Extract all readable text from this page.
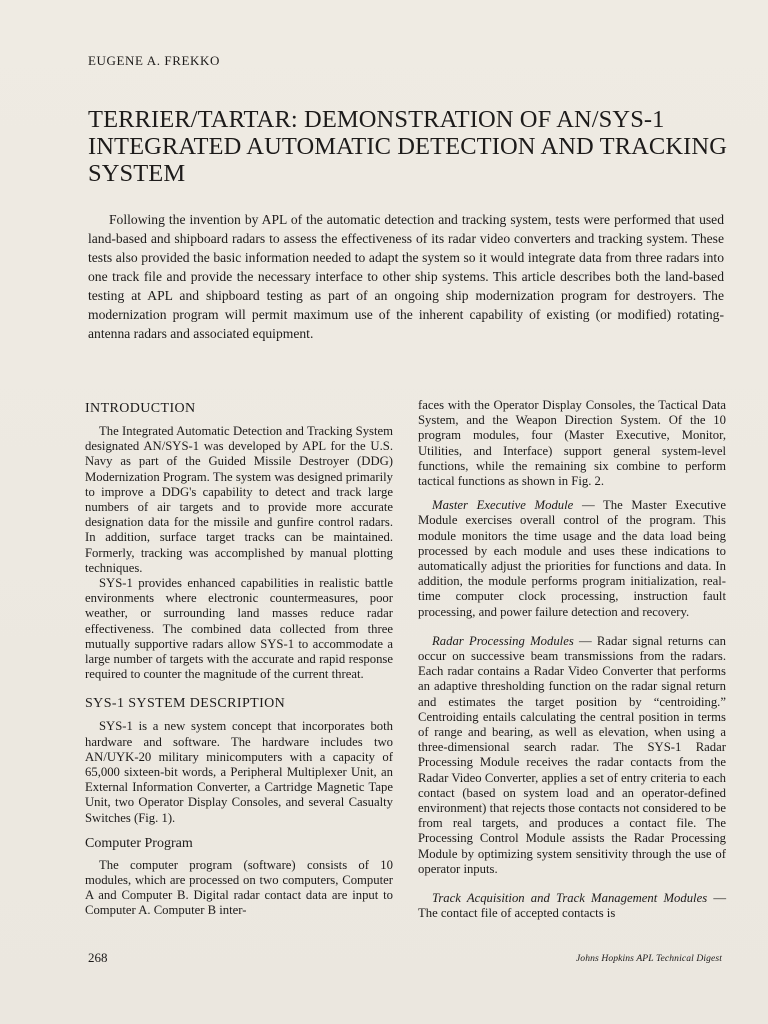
EUGENE A. FREKKO
TERRIER/TARTAR: DEMONSTRATION OF AN/SYS-1 INTEGRATED AUTOMATIC DETECTION AND TRACKING SYSTEM

Following the invention by APL of the automatic detection and tracking system, tests were performed that used land-based and shipboard radars to assess the effectiveness of its radar video converters and tracking system. These tests also provided the basic information needed to adapt the system so it would integrate data from three radars into one track file and provide the necessary interface to other ship systems. This article describes both the land-based testing at APL and shipboard testing as part of an ongoing ship modernization program for destroyers. The modernization program will permit maximum use of the inherent capability of existing (or modified) rotating-antenna radars and associated equipment.

INTRODUCTION

The Integrated Automatic Detection and Tracking System designated AN/SYS-1 was developed by APL for the U.S. Navy as part of the Guided Missile Destroyer (DDG) Modernization Program. The system was designed primarily to improve a DDG's capability to detect and track large numbers of air targets and to provide more accurate designation data for the missile and gunfire control radars. In addition, surface target tracks can be maintained. Formerly, tracking was accomplished by manual plotting techniques.

SYS-1 provides enhanced capabilities in realistic battle environments where electronic countermeasures, poor weather, or surrounding land masses reduce radar effectiveness. The combined data collected from three mutually supportive radars allow SYS-1 to accommodate a large number of targets with the accurate and rapid response required to counter the magnitude of the current threat.

SYS-1 SYSTEM DESCRIPTION

SYS-1 is a new system concept that incorporates both hardware and software. The hardware includes two AN/UYK-20 military minicomputers with a capacity of 65,000 sixteen-bit words, a Peripheral Multiplexer Unit, an External Information Converter, a Cartridge Magnetic Tape Unit, two Operator Display Consoles, and several Casualty Switches (Fig. 1).

Computer Program

The computer program (software) consists of 10 modules, which are processed on two computers, Computer A and Computer B. Digital radar contact data are input to Computer A. Computer B inter-

faces with the Operator Display Consoles, the Tactical Data System, and the Weapon Direction System. Of the 10 program modules, four (Master Executive, Monitor, Utilities, and Interface) support general system-level functions, while the remaining six combine to perform tactical functions as shown in Fig. 2.

Master Executive Module — The Master Executive Module exercises overall control of the program. This module monitors the time usage and the data load being processed by each module and uses these indications to automatically adjust the priorities for functions and data. In addition, the module performs program initialization, real-time computer clock processing, instruction fault processing, and power failure detection and recovery.

Radar Processing Modules — Radar signal returns can occur on successive beam transmissions from the radars. Each radar contains a Radar Video Converter that performs an adaptive thresholding function on the radar signal return and estimates the target position by “centroiding.” Centroiding entails calculating the central position in terms of range and bearing, as well as elevation, when using a three-dimensional search radar. The SYS-1 Radar Processing Module receives the radar contacts from the Radar Video Converter, applies a set of entry criteria to each contact (based on system load and an operator-defined environment) that rejects those contacts not considered to be from real targets, and produces a contact file. The Processing Control Module assists the Radar Processing Module by optimizing system sensitivity through the use of operator inputs.

Track Acquisition and Track Management Modules — The contact file of accepted contacts is

268	Johns Hopkins APL Technical Digest
